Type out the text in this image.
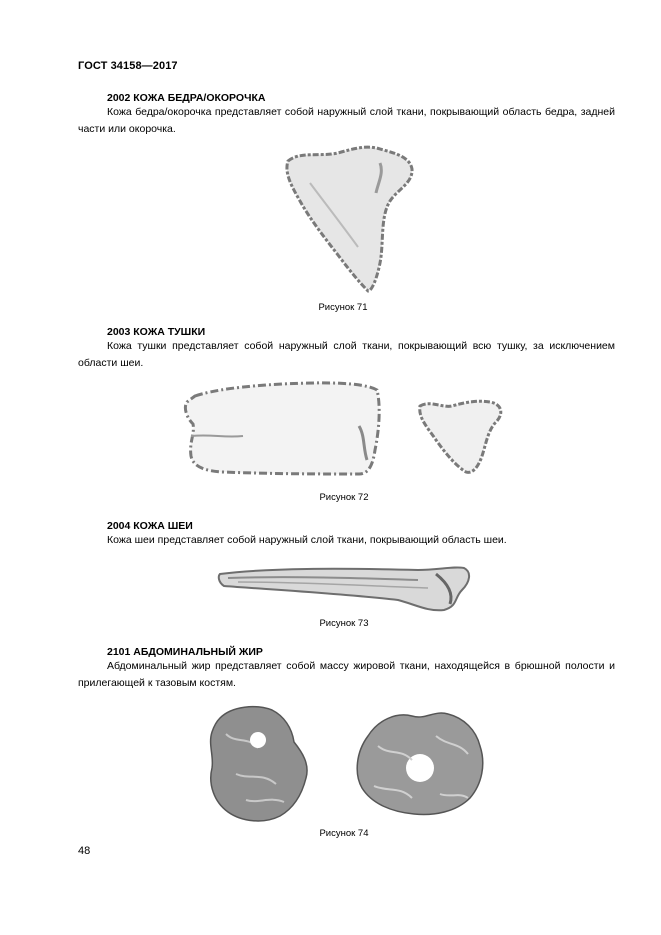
ГОСТ 34158—2017
2002 КОЖА БЕДРА/ОКОРОЧКА
Кожа бедра/окорочка представляет собой наружный слой ткани, покрывающий область бедра, задней части или окорочка.
Рисунок 71
2003 КОЖА ТУШКИ
Кожа тушки представляет собой наружный слой ткани, покрывающий всю тушку, за исключением области шеи.
Рисунок 72
2004 КОЖА ШЕИ
Кожа шеи представляет собой наружный слой ткани, покрывающий область шеи.
Рисунок 73
2101 АБДОМИНАЛЬНЫЙ ЖИР
Абдоминальный жир представляет собой массу жировой ткани, находящейся в брюшной полости и прилегающей к тазовым костям.
Рисунок 74
48
